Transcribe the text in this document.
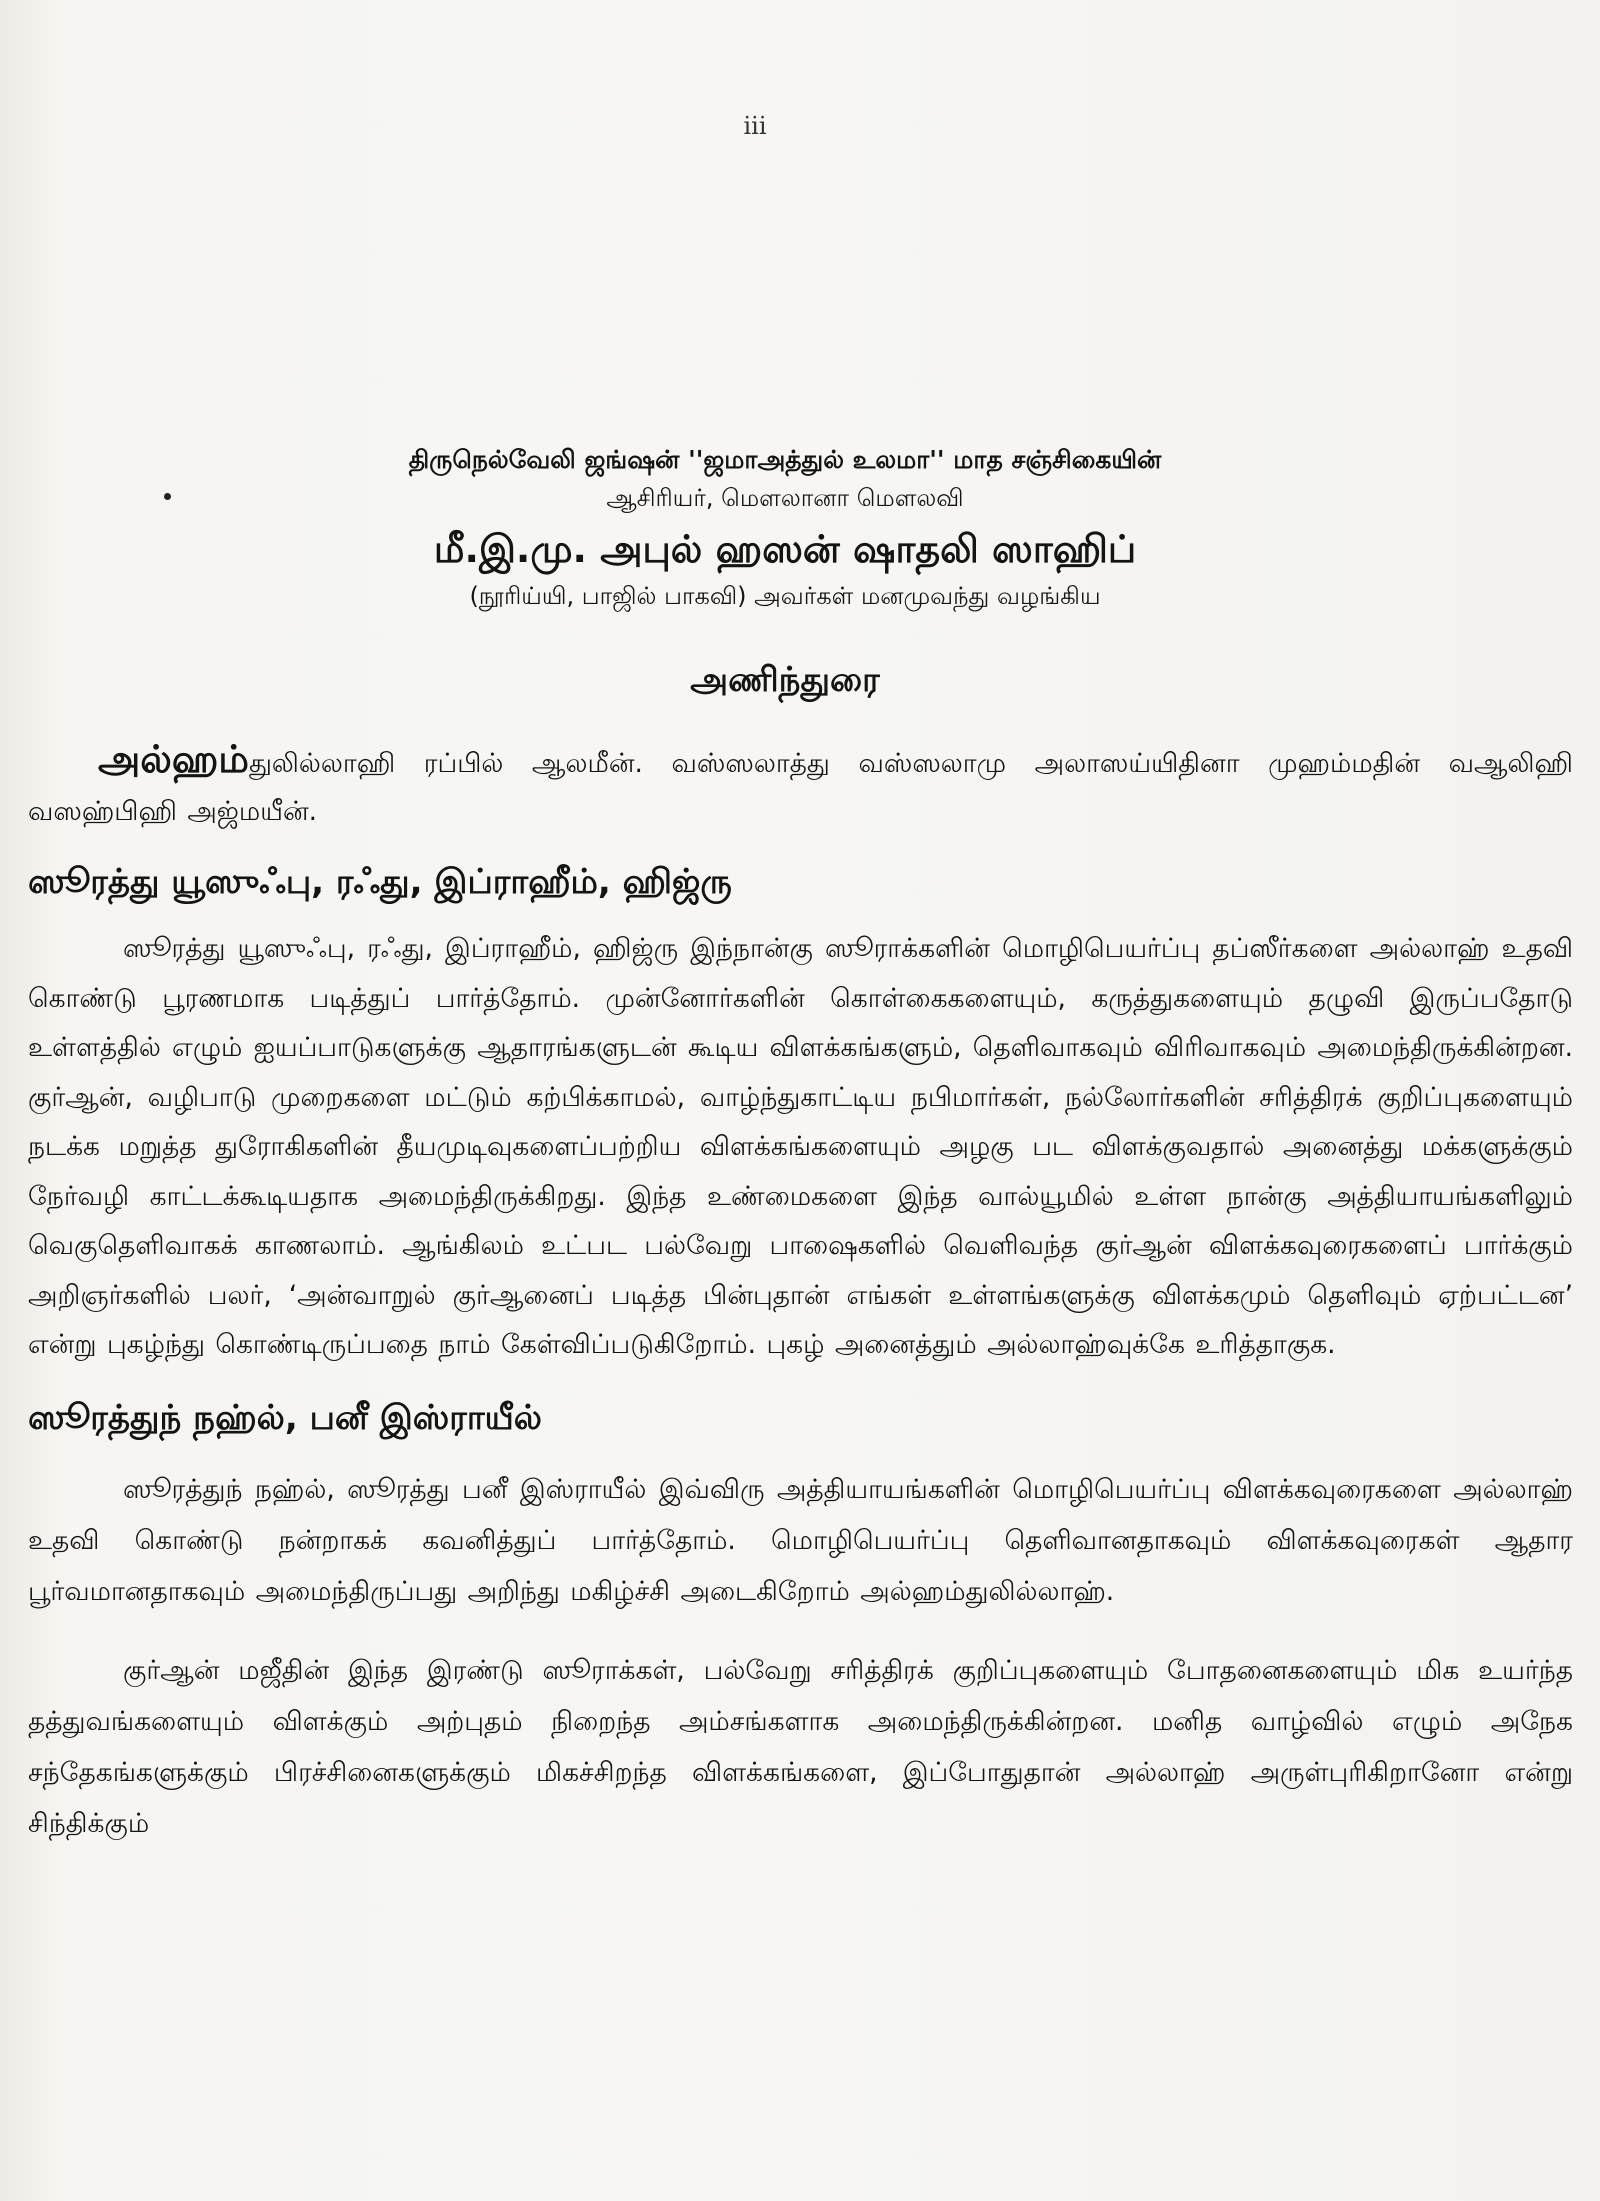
iii
திருநெல்வேலி ஜங்ஷன் ''ஜமாஅத்துல் உலமா'' மாத சஞ்சிகையின்
ஆசிரியர், மௌலானா மௌலவி
மீ.இ.மு. அபுல் ஹஸன் ஷாதலி ஸாஹிப்
(நூரிய்யி, பாஜில் பாகவி) அவர்கள் மனமுவந்து வழங்கிய
அணிந்துரை

அல்ஹம்துலில்லாஹி ரப்பில் ஆலமீன். வஸ்ஸலாத்து வஸ்ஸலாமு அலாஸய்யிதினா முஹம்மதின் வஆலிஹி வஸஹ்பிஹி அஜ்மயீன்.

ஸூரத்து யூஸுஃபு, ரஃது, இப்ராஹீம், ஹிஜ்ரு

ஸூரத்து யூஸுஃபு, ரஃது, இப்ராஹீம், ஹிஜ்ரு இந்நான்கு ஸூராக்களின் மொழிபெயர்ப்பு தப்ஸீர்களை அல்லாஹ் உதவி கொண்டு பூரணமாக படித்துப் பார்த்தோம். முன்னோர்களின் கொள்கைகளையும், கருத்துகளையும் தழுவி இருப்பதோடு உள்ளத்தில் எழும் ஐயப்பாடுகளுக்கு ஆதாரங்களுடன் கூடிய விளக்கங்களும், தெளிவாகவும் விரிவாகவும் அமைந்திருக்கின்றன. குர்ஆன், வழிபாடு முறைகளை மட்டும் கற்பிக்காமல், வாழ்ந்துகாட்டிய நபிமார்கள், நல்லோர்களின் சரித்திரக் குறிப்புகளையும் நடக்க மறுத்த துரோகிகளின் தீயமுடிவுகளைப்பற்றிய விளக்கங்களையும் அழகு பட விளக்குவதால் அனைத்து மக்களுக்கும் நேர்வழி காட்டக்கூடியதாக அமைந்திருக்கிறது. இந்த உண்மைகளை இந்த வால்யூமில் உள்ள நான்கு அத்தியாயங்களிலும் வெகுதெளிவாகக் காணலாம். ஆங்கிலம் உட்பட பல்வேறு பாஷைகளில் வெளிவந்த குர்ஆன் விளக்கவுரைகளைப் பார்க்கும் அறிஞர்களில் பலர், ‘அன்வாறுல் குர்ஆனைப் படித்த பின்புதான் எங்கள் உள்ளங்களுக்கு விளக்கமும் தெளிவும் ஏற்பட்டன’ என்று புகழ்ந்து கொண்டிருப்பதை நாம் கேள்விப்படுகிறோம். புகழ் அனைத்தும் அல்லாஹ்வுக்கே உரித்தாகுக.

ஸூரத்துந் நஹ்ல், பனீ இஸ்ராயீல்

ஸூரத்துந் நஹ்ல், ஸூரத்து பனீ இஸ்ராயீல் இவ்விரு அத்தியாயங்களின் மொழிபெயர்ப்பு விளக்கவுரைகளை அல்லாஹ் உதவி கொண்டு நன்றாகக் கவனித்துப் பார்த்தோம். மொழிபெயர்ப்பு தெளிவானதாகவும் விளக்கவுரைகள் ஆதார பூர்வமானதாகவும் அமைந்திருப்பது அறிந்து மகிழ்ச்சி அடைகிறோம் அல்ஹம்துலில்லாஹ்.

குர்ஆன் மஜீதின் இந்த இரண்டு ஸூராக்கள், பல்வேறு சரித்திரக் குறிப்புகளையும் போதனைகளையும் மிக உயர்ந்த தத்துவங்களையும் விளக்கும் அற்புதம் நிறைந்த அம்சங்களாக அமைந்திருக்கின்றன. மனித வாழ்வில் எழும் அநேக சந்தேகங்களுக்கும் பிரச்சினைகளுக்கும் மிகச்சிறந்த விளக்கங்களை, இப்போதுதான் அல்லாஹ் அருள்புரிகிறானோ என்று சிந்திக்கும்
